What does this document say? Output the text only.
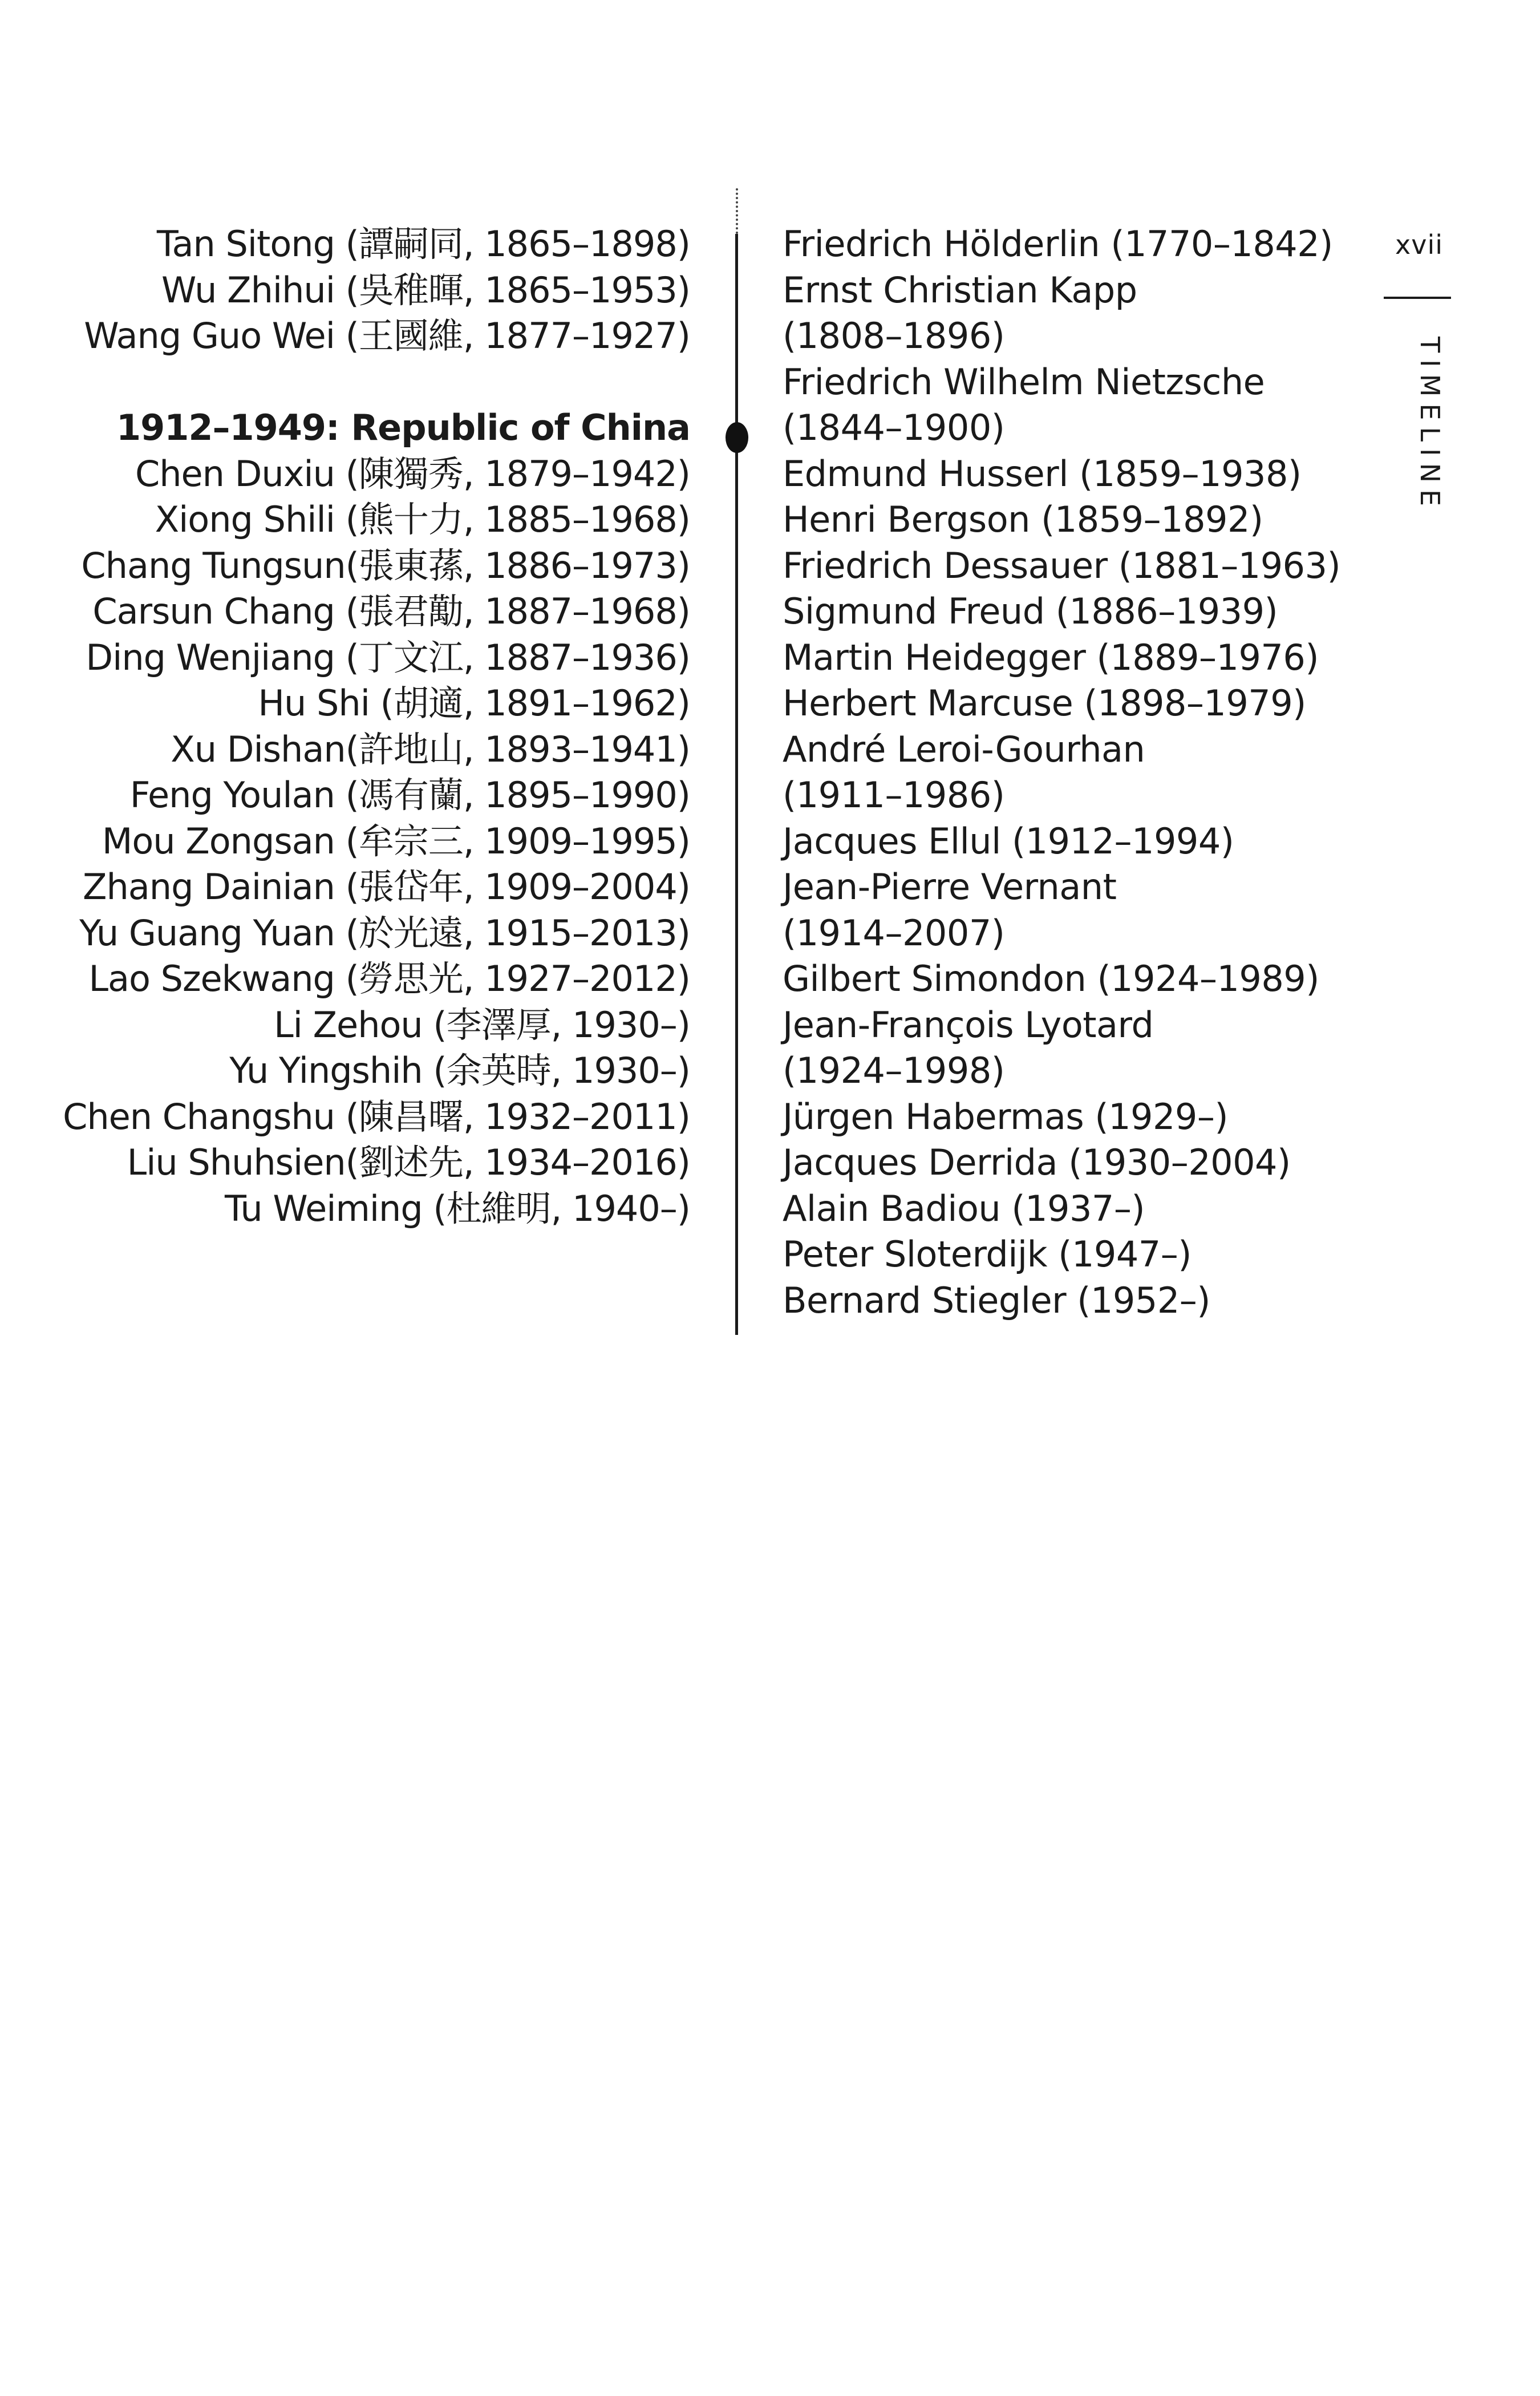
Tan Sitong (譚嗣同, 1865–1898)
Wu Zhihui (吳稚暉, 1865–1953)
Wang Guo Wei (王國維, 1877–1927)
1912–1949: Republic of China
Chen Duxiu (陳獨秀, 1879–1942)
Xiong Shili (熊十力, 1885–1968)
Chang Tungsun(張東蓀, 1886–1973)
Carsun Chang (張君勱, 1887–1968)
Ding Wenjiang (丁文江, 1887–1936)
Hu Shi (胡適, 1891–1962)
Xu Dishan(許地山, 1893–1941)
Feng Youlan (馮有蘭, 1895–1990)
Mou Zongsan (牟宗三, 1909–1995)
Zhang Dainian (張岱年, 1909–2004)
Yu Guang Yuan (於光遠, 1915–2013)
Lao Szekwang (勞思光, 1927–2012)
Li Zehou (李澤厚, 1930–)
Yu Yingshih (余英時, 1930–)
Chen Changshu (陳昌曙, 1932–2011)
Liu Shuhsien(劉述先, 1934–2016)
Tu Weiming (杜維明, 1940–)
Friedrich Hölderlin (1770–1842)
Ernst Christian Kapp
(1808–1896)
Friedrich Wilhelm Nietzsche
(1844–1900)
Edmund Husserl (1859–1938)
Henri Bergson (1859–1892)
Friedrich Dessauer (1881–1963)
Sigmund Freud (1886–1939)
Martin Heidegger (1889–1976)
Herbert Marcuse (1898–1979)
André Leroi-Gourhan
(1911–1986)
Jacques Ellul (1912–1994)
Jean-Pierre Vernant
(1914–2007)
Gilbert Simondon (1924–1989)
Jean-François Lyotard
(1924–1998)
Jürgen Habermas (1929–)
Jacques Derrida (1930–2004)
Alain Badiou (1937–)
Peter Sloterdijk (1947–)
Bernard Stiegler (1952–)
xvii
TIMELINE
